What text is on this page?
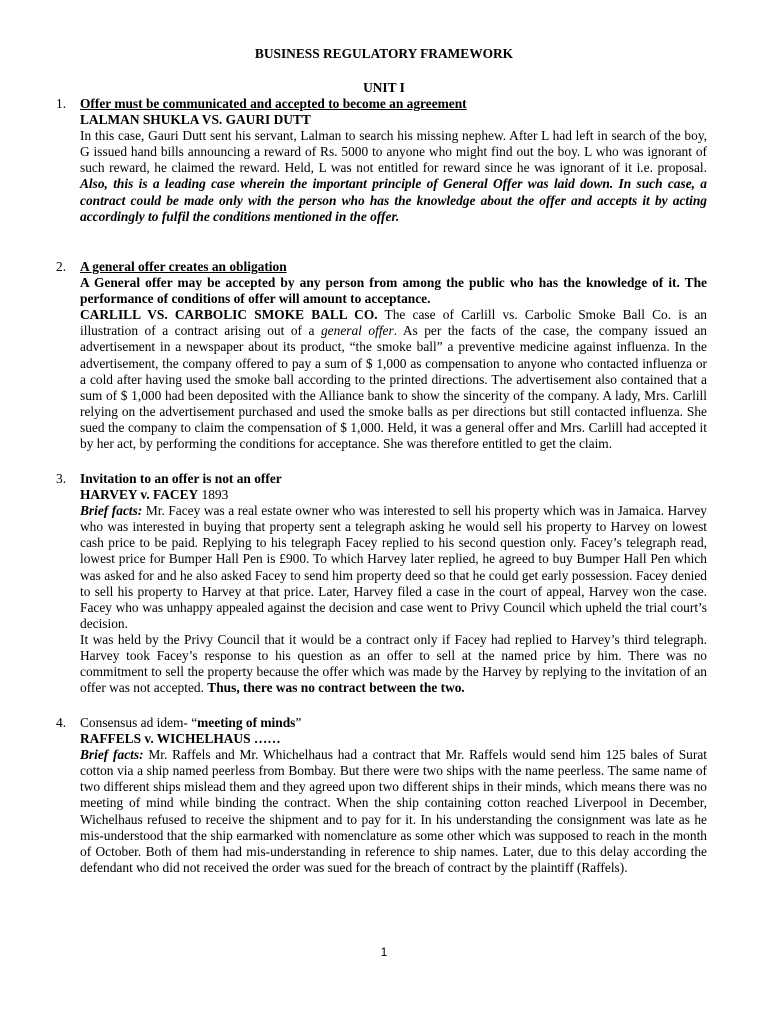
BUSINESS REGULATORY FRAMEWORK
UNIT I
1. Offer must be communicated and accepted to become an agreement
LALMAN SHUKLA VS. GAURI DUTT

In this case, Gauri Dutt sent his servant, Lalman to search his missing nephew. After L had left in search of the boy, G issued hand bills announcing a reward of Rs. 5000 to anyone who might find out the boy. L who was ignorant of such reward, he claimed the reward. Held, L was not entitled for reward since he was ignorant of it i.e. proposal. Also, this is a leading case wherein the important principle of General Offer was laid down. In such case, a contract could be made only with the person who has the knowledge about the offer and accepts it by acting accordingly to fulfil the conditions mentioned in the offer.

2. A general offer creates an obligation

A General offer may be accepted by any person from among the public who has the knowledge of it. The performance of conditions of offer will amount to acceptance.

CARLILL VS. CARBOLIC SMOKE BALL CO. The case of Carlill vs. Carbolic Smoke Ball Co. is an illustration of a contract arising out of a general offer. As per the facts of the case, the company issued an advertisement in a newspaper about its product, “the smoke ball” a preventive medicine against influenza. In the advertisement, the company offered to pay a sum of $ 1,000 as compensation to anyone who contacted influenza or a cold after having used the smoke ball according to the printed directions. The advertisement also contained that a sum of $ 1,000 had been deposited with the Alliance bank to show the sincerity of the company. A lady, Mrs. Carlill relying on the advertisement purchased and used the smoke balls as per directions but still contacted influenza. She sued the company to claim the compensation of $ 1,000. Held, it was a general offer and Mrs. Carlill had accepted it by her act, by performing the conditions for acceptance. She was therefore entitled to get the claim.

3. Invitation to an offer is not an offer
HARVEY v. FACEY 1893

Brief facts: Mr. Facey was a real estate owner who was interested to sell his property which was in Jamaica. Harvey who was interested in buying that property sent a telegraph asking he would sell his property to Harvey on lowest cash price to be paid. Replying to his telegraph Facey replied to his second question only. Facey’s telegraph read, lowest price for Bumper Hall Pen is £900. To which Harvey later replied, he agreed to buy Bumper Hall Pen which was asked for and he also asked Facey to send him property deed so that he could get early possession. Facey denied to sell his property to Harvey at that price. Later, Harvey filed a case in the court of appeal, Harvey won the case. Facey who was unhappy appealed against the decision and case went to Privy Council which upheld the trial court’s decision.

It was held by the Privy Council that it would be a contract only if Facey had replied to Harvey’s third telegraph. Harvey took Facey’s response to his question as an offer to sell at the named price by him. There was no commitment to sell the property because the offer which was made by the Harvey by replying to the invitation of an offer was not accepted. Thus, there was no contract between the two.

4. Consensus ad idem- “meeting of minds”
RAFFELS v. WICHELHAUS ……

Brief facts: Mr. Raffels and Mr. Whichelhaus had a contract that Mr. Raffels would send him 125 bales of Surat cotton via a ship named peerless from Bombay. But there were two ships with the name peerless. The same name of two different ships mislead them and they agreed upon two different ships in their minds, which means there was no meeting of mind while binding the contract. When the ship containing cotton reached Liverpool in December, Wichelhaus refused to receive the shipment and to pay for it. In his understanding the consignment was late as he mis-understood that the ship earmarked with nomenclature as some other which was supposed to reach in the month of October. Both of them had mis-understanding in reference to ship names. Later, due to this delay according the defendant who did not received the order was sued for the breach of contract by the plaintiff (Raffels).

1
